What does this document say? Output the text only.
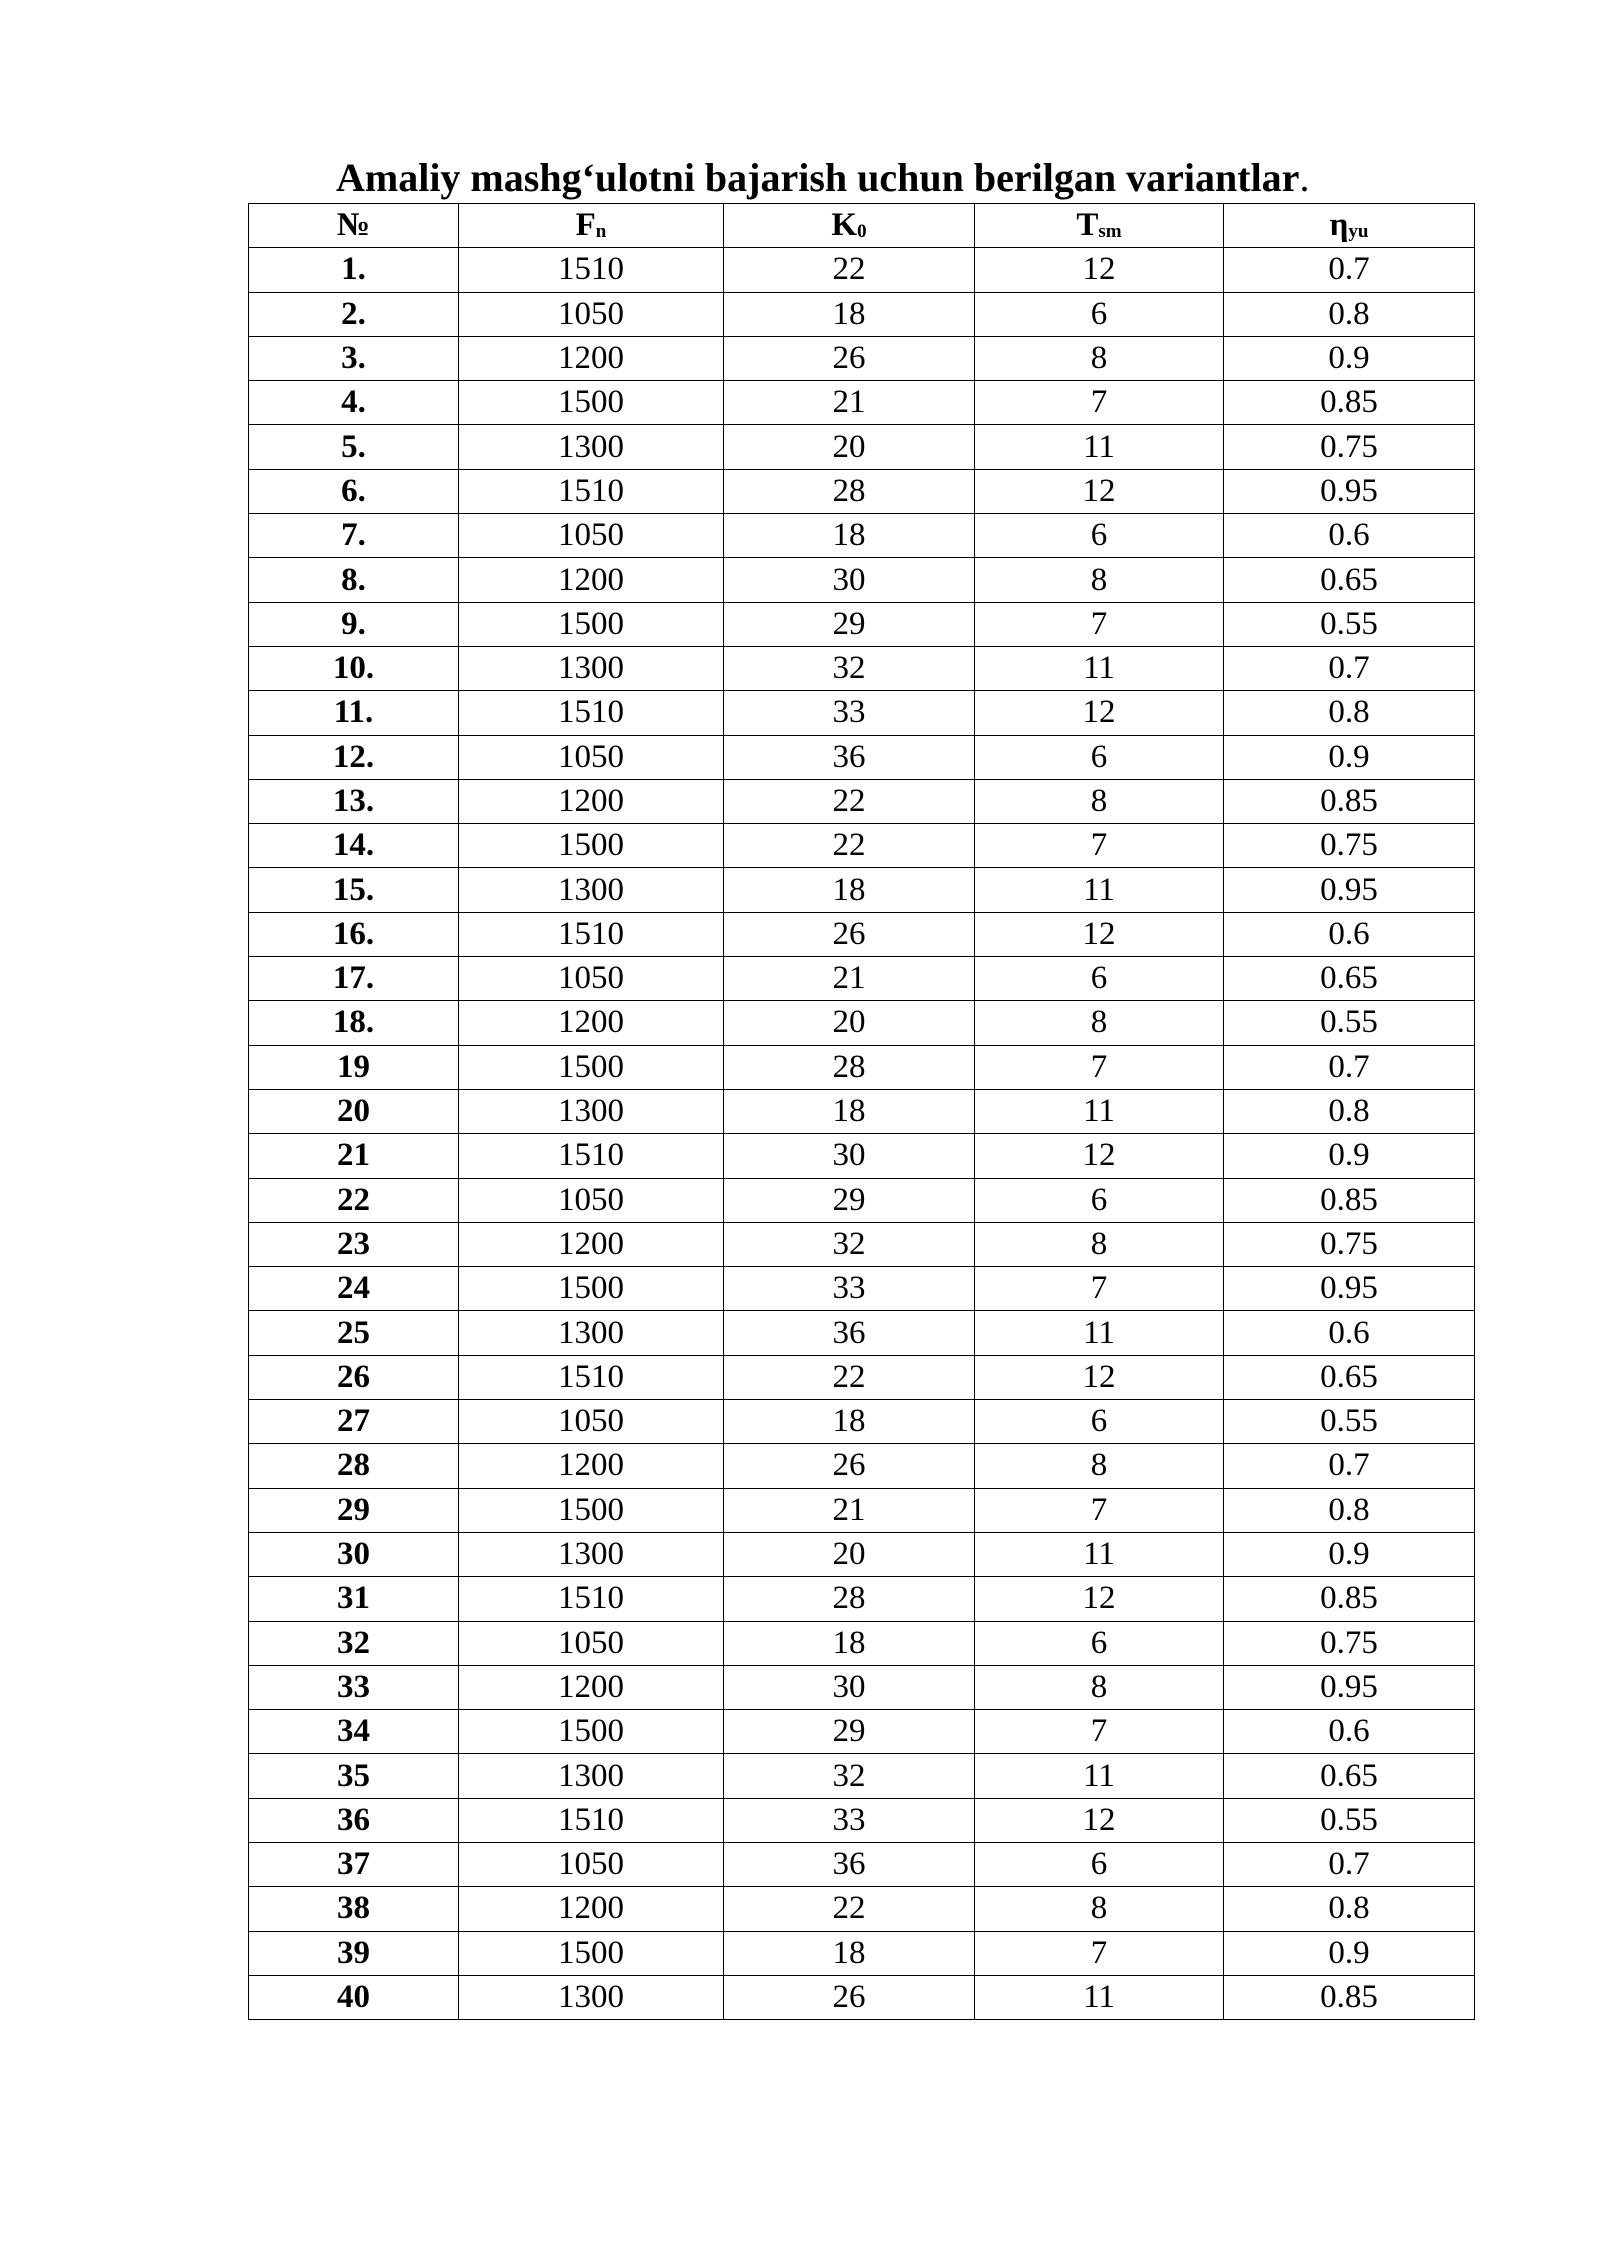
Amaliy mashg‘ulotni bajarish uchun berilgan variantlar.
№	$F_n$	$K_0$	$T_{sm}$	$\eta_{yu}$
1.	1510	22	12	0.7
2.	1050	18	6	0.8
3.	1200	26	8	0.9
4.	1500	21	7	0.85
5.	1300	20	11	0.75
6.	1510	28	12	0.95
7.	1050	18	6	0.6
8.	1200	30	8	0.65
9.	1500	29	7	0.55
10.	1300	32	11	0.7
11.	1510	33	12	0.8
12.	1050	36	6	0.9
13.	1200	22	8	0.85
14.	1500	22	7	0.75
15.	1300	18	11	0.95
16.	1510	26	12	0.6
17.	1050	21	6	0.65
18.	1200	20	8	0.55
19	1500	28	7	0.7
20	1300	18	11	0.8
21	1510	30	12	0.9
22	1050	29	6	0.85
23	1200	32	8	0.75
24	1500	33	7	0.95
25	1300	36	11	0.6
26	1510	22	12	0.65
27	1050	18	6	0.55
28	1200	26	8	0.7
29	1500	21	7	0.8
30	1300	20	11	0.9
31	1510	28	12	0.85
32	1050	18	6	0.75
33	1200	30	8	0.95
34	1500	29	7	0.6
35	1300	32	11	0.65
36	1510	33	12	0.55
37	1050	36	6	0.7
38	1200	22	8	0.8
39	1500	18	7	0.9
40	1300	26	11	0.85
